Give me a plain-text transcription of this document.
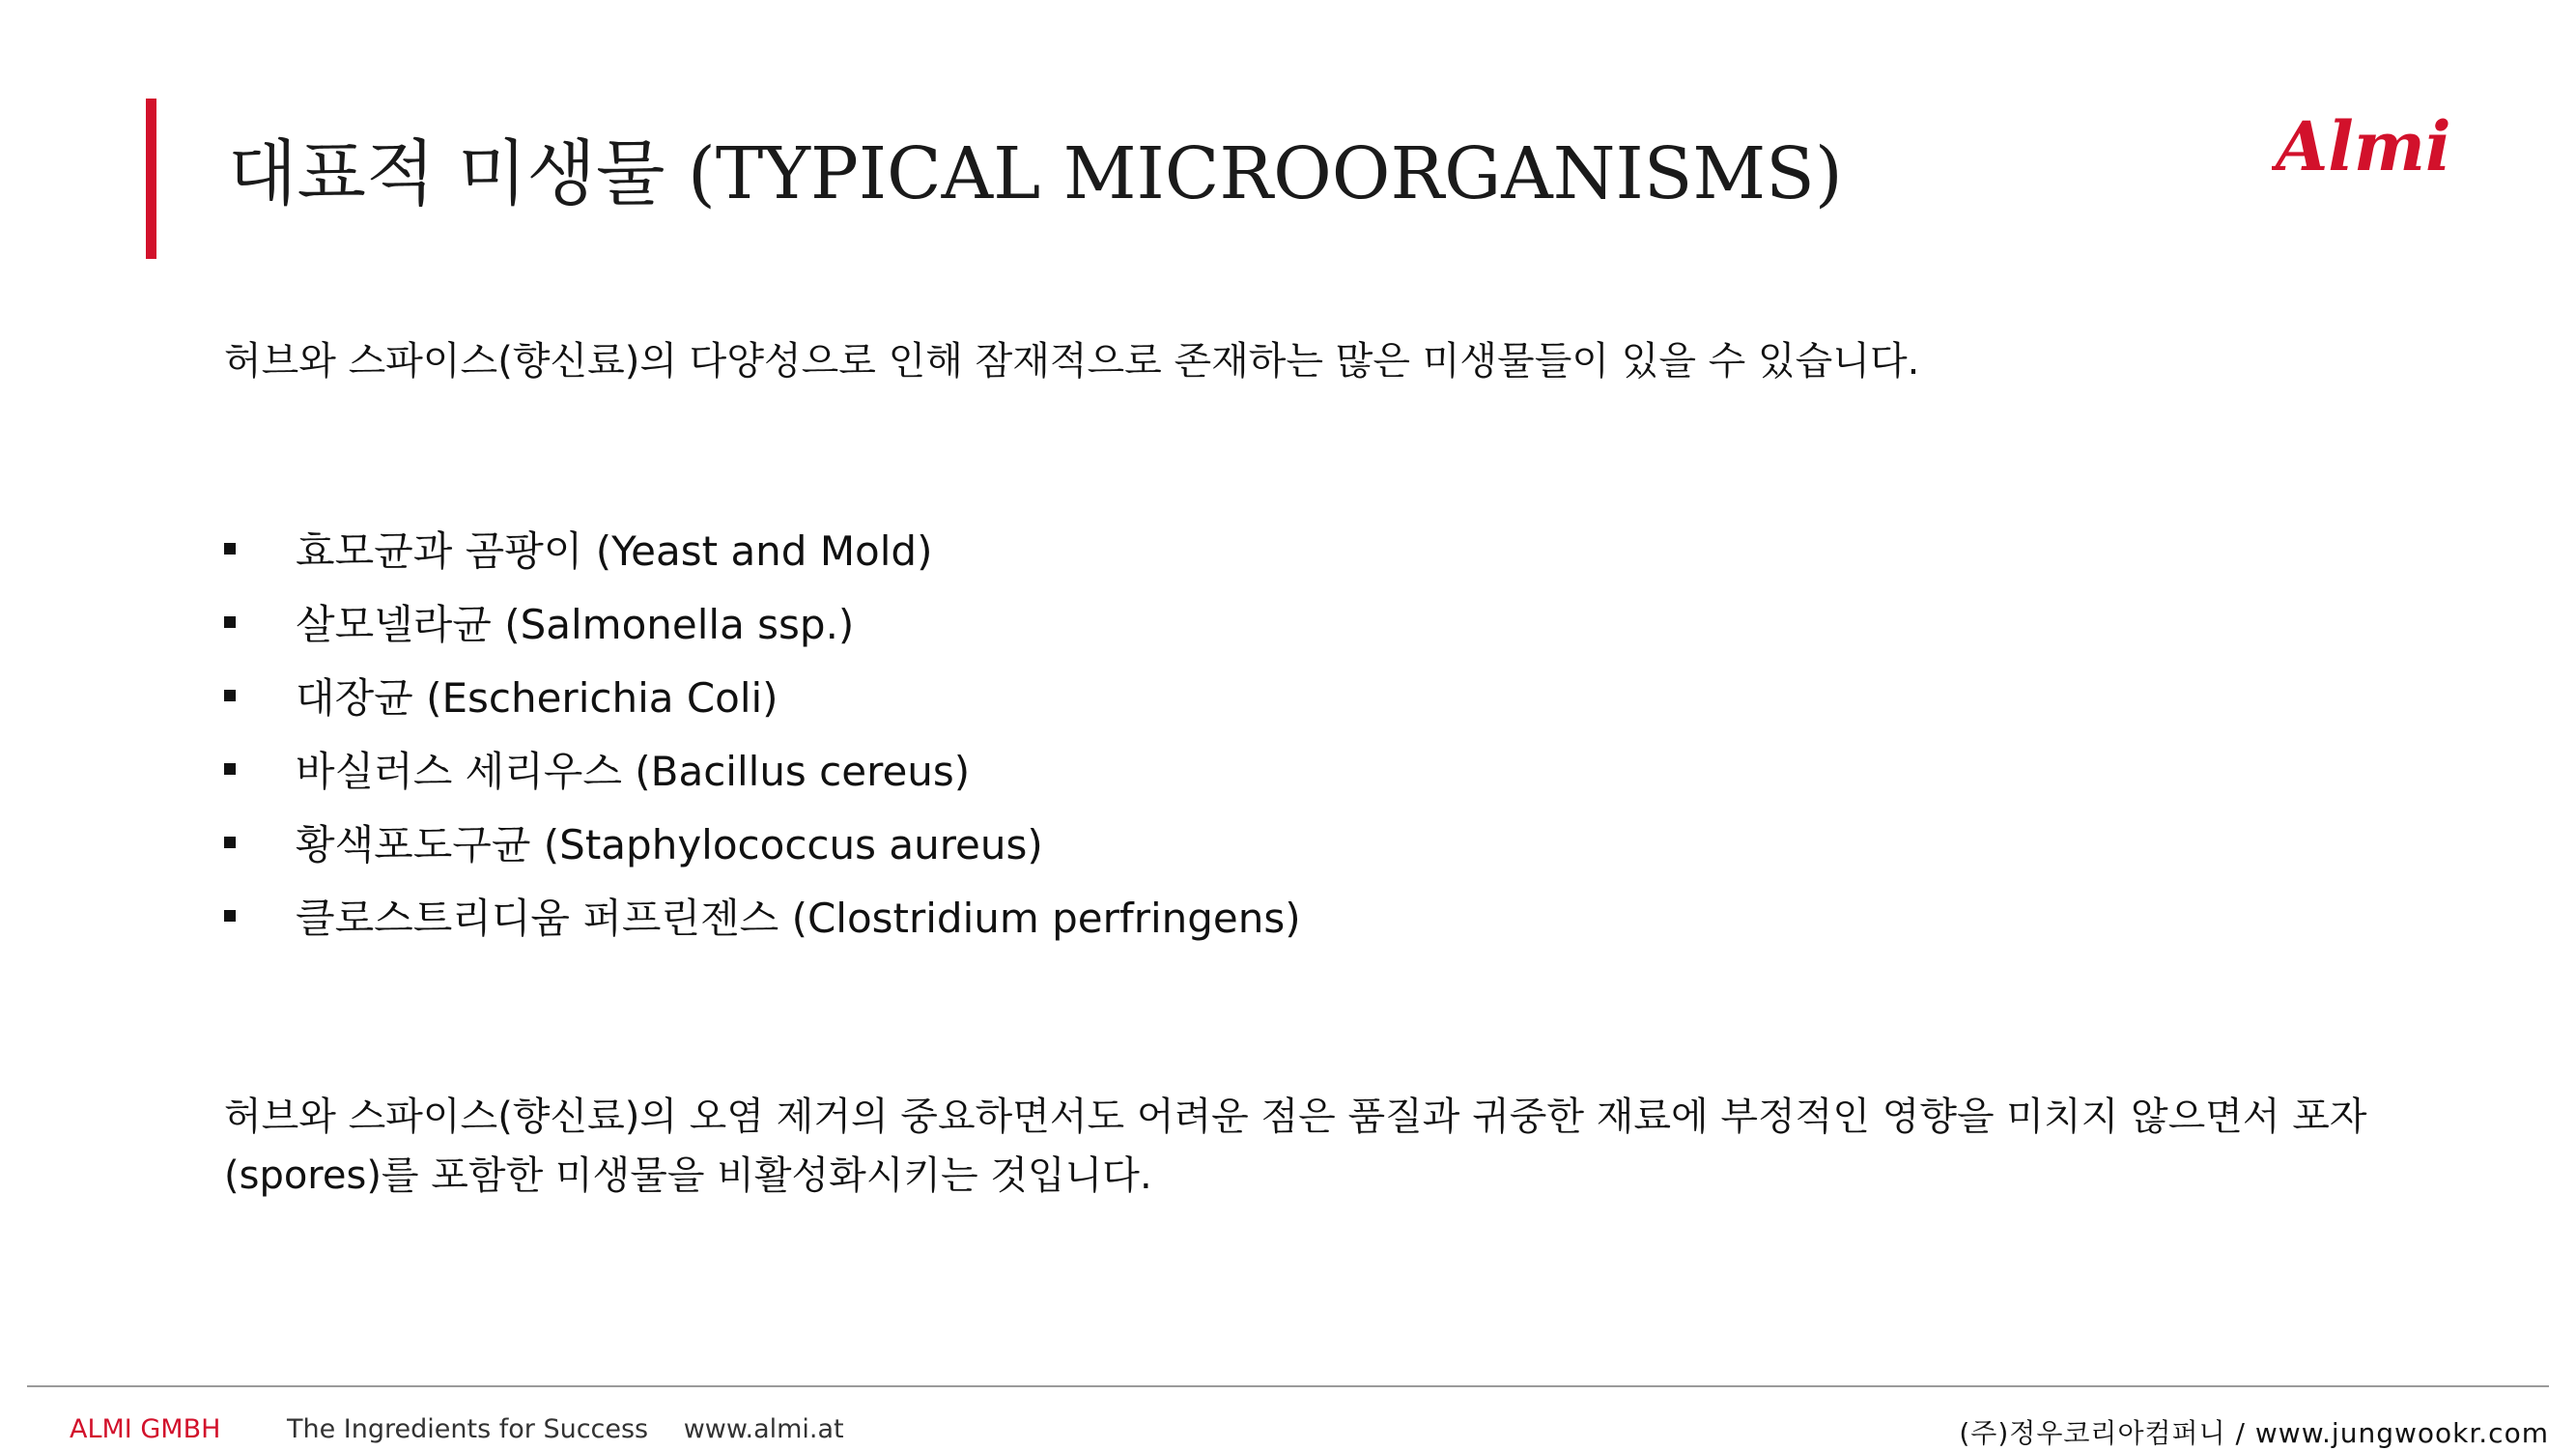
대표적 미생물 (TYPICAL MICROORGANISMS)	Almi

허브와 스파이스(향신료)의 다양성으로 인해 잠재적으로 존재하는 많은 미생물들이 있을 수 있습니다.

효모균과 곰팡이 (Yeast and Mold)
살모넬라균 (Salmonella ssp.)
대장균 (Escherichia Coli)
바실러스 세리우스 (Bacillus cereus)
황색포도구균 (Staphylococcus aureus)
클로스트리디움 퍼프린젠스 (Clostridium perfringens)

허브와 스파이스(향신료)의 오염 제거의 중요하면서도 어려운 점은 품질과 귀중한 재료에 부정적인 영향을 미치지 않으면서 포자(spores)를 포함한 미생물을 비활성화시키는 것입니다.

ALMI GMBH	The Ingredients for Success www.almi.at	(주)정우코리아컴퍼니 / www.jungwookr.com
